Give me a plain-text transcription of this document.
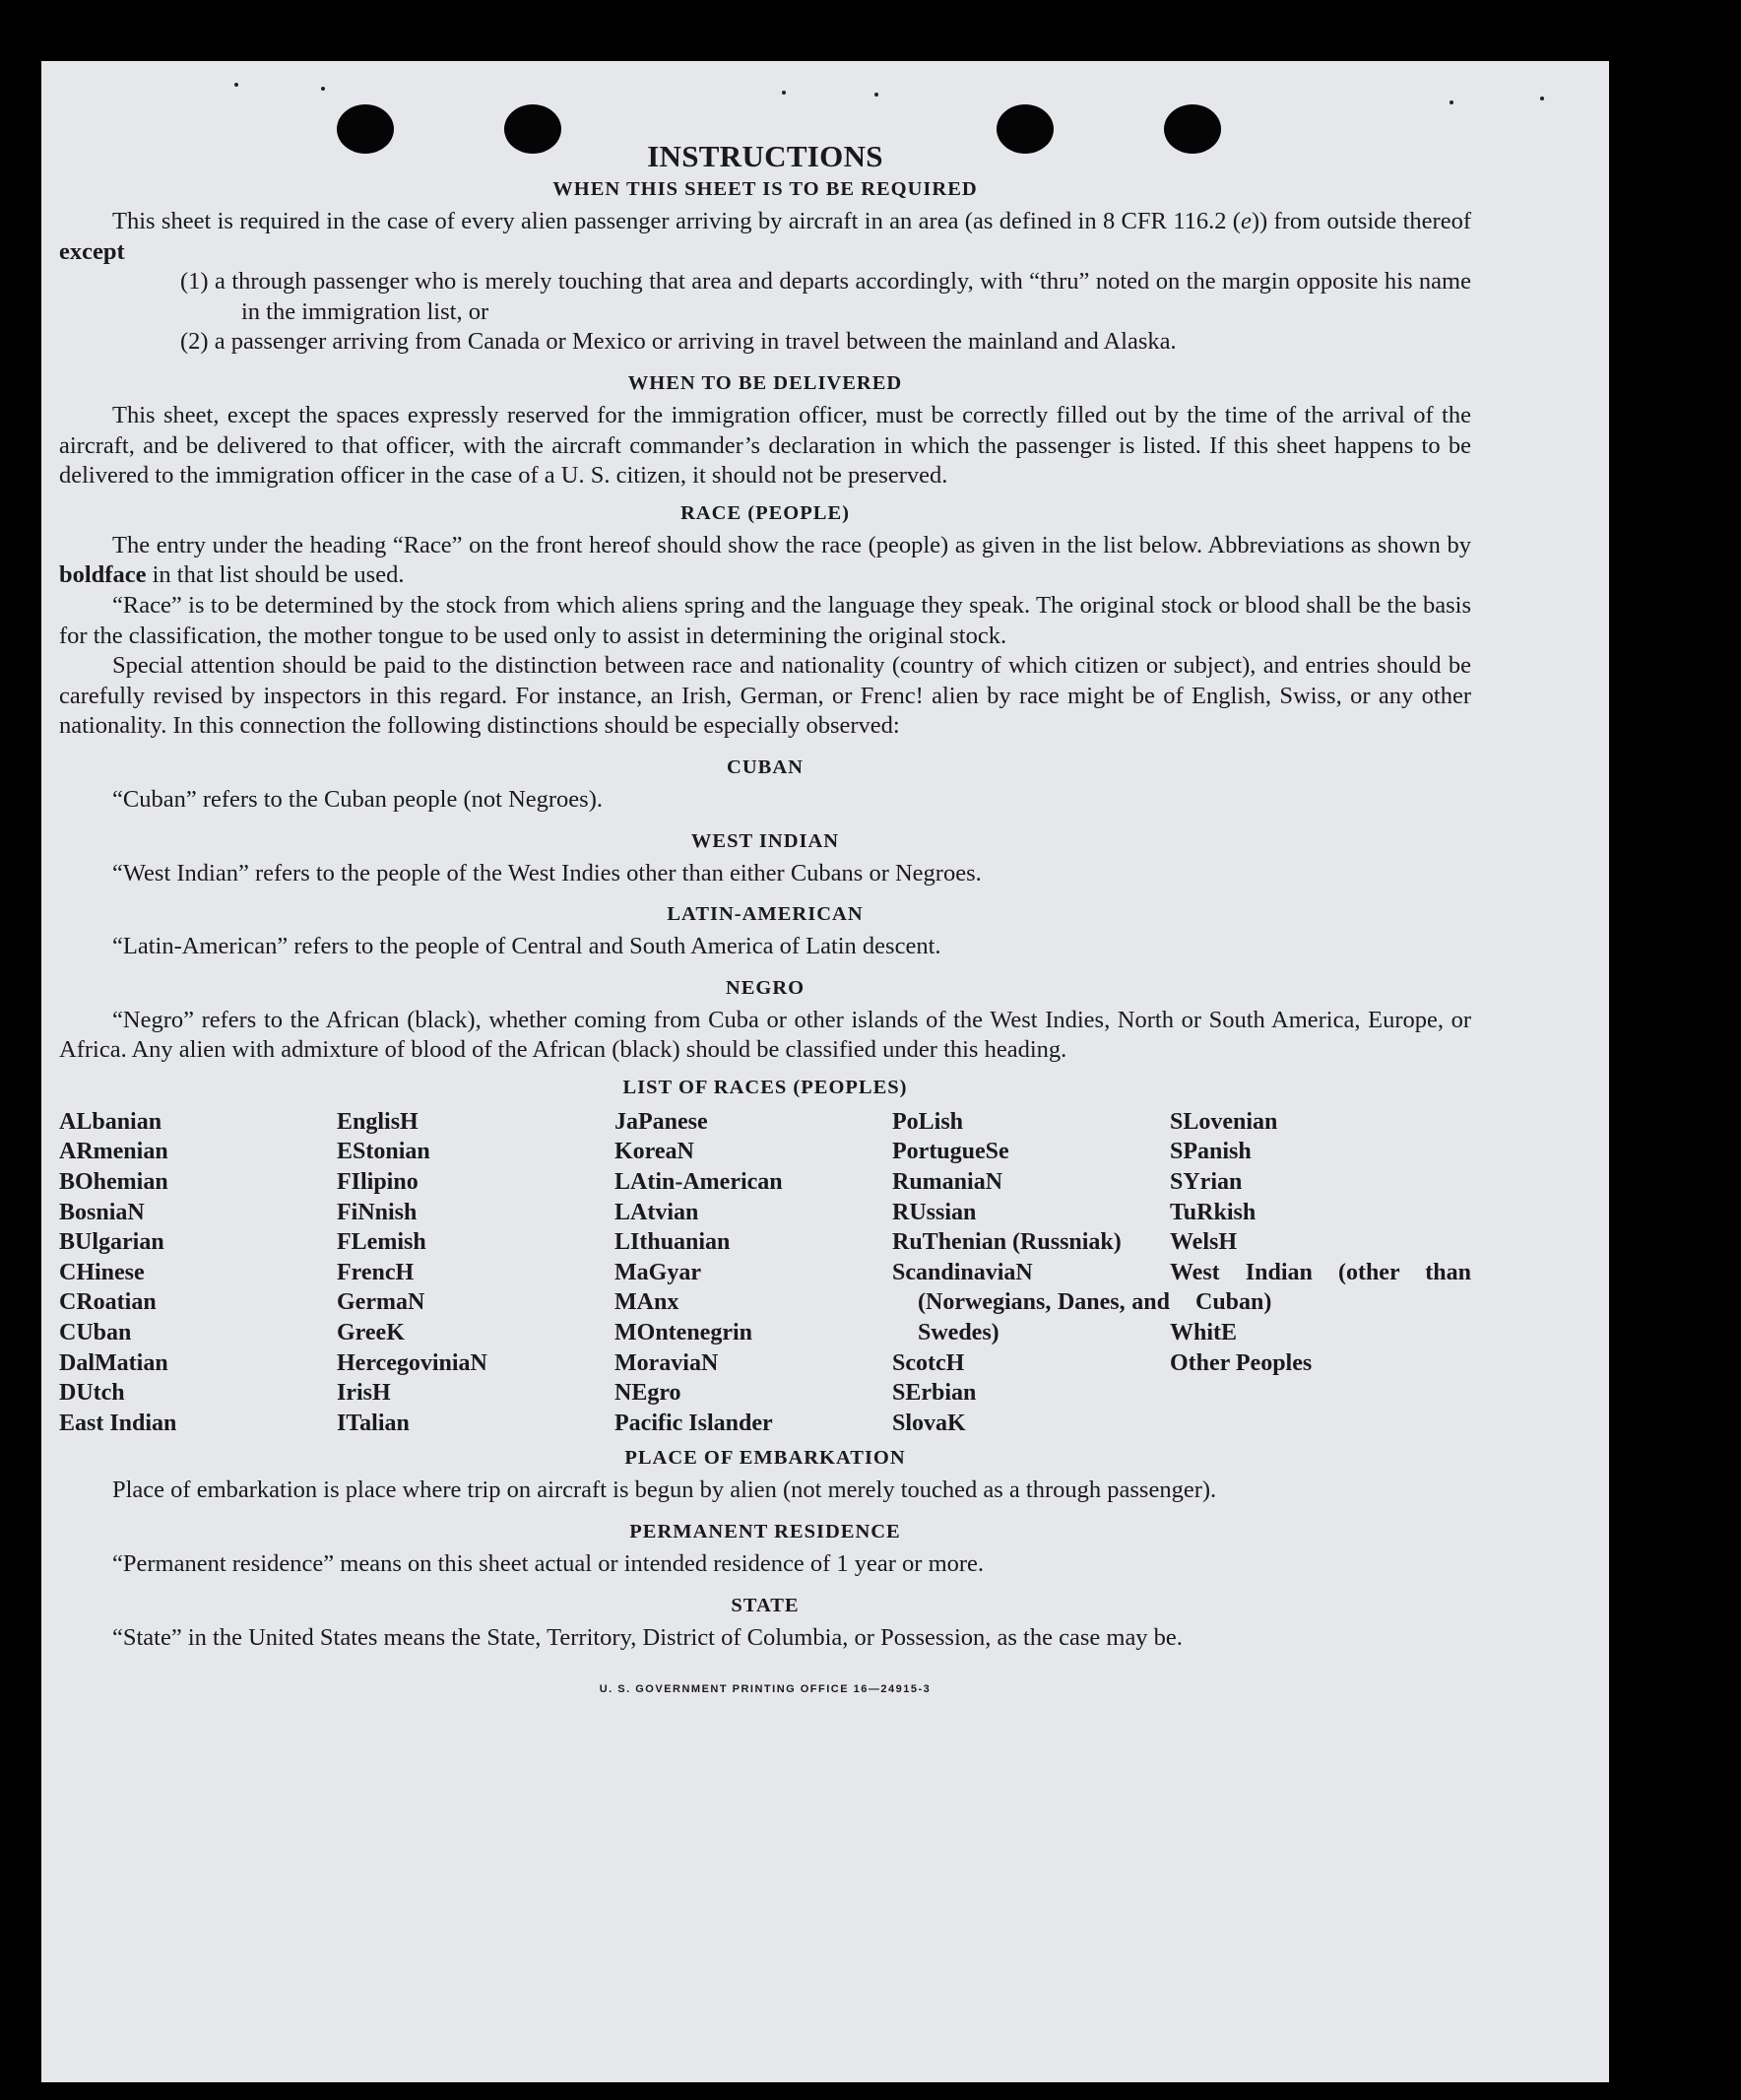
INSTRUCTIONS
WHEN THIS SHEET IS TO BE REQUIRED

This sheet is required in the case of every alien passenger arriving by aircraft in an area (as defined in 8 CFR 116.2 (e)) from outside thereof except

(1) a through passenger who is merely touching that area and departs accordingly, with “thru” noted on the margin opposite his name in the immigration list, or

(2) a passenger arriving from Canada or Mexico or arriving in travel between the mainland and Alaska.

WHEN TO BE DELIVERED

This sheet, except the spaces expressly reserved for the immigration officer, must be correctly filled out by the time of the arrival of the aircraft, and be delivered to that officer, with the aircraft commander’s declaration in which the passenger is listed. If this sheet happens to be delivered to the immigration officer in the case of a U. S. citizen, it should not be preserved.

RACE (PEOPLE)

The entry under the heading “Race” on the front hereof should show the race (people) as given in the list below. Abbreviations as shown by boldface in that list should be used.

“Race” is to be determined by the stock from which aliens spring and the language they speak. The original stock or blood shall be the basis for the classification, the mother tongue to be used only to assist in determining the original stock.

Special attention should be paid to the distinction between race and nationality (country of which citizen or subject), and entries should be carefully revised by inspectors in this regard. For instance, an Irish, German, or Frenc! alien by race might be of English, Swiss, or any other nationality. In this connection the following distinctions should be especially observed:

CUBAN

“Cuban” refers to the Cuban people (not Negroes).

WEST INDIAN

“West Indian” refers to the people of the West Indies other than either Cubans or Negroes.

LATIN-AMERICAN

“Latin-American” refers to the people of Central and South America of Latin descent.

NEGRO

“Negro” refers to the African (black), whether coming from Cuba or other islands of the West Indies, North or South America, Europe, or Africa. Any alien with admixture of blood of the African (black) should be classified under this heading.

LIST OF RACES (PEOPLES)
ALbanian
ARmenian
BOhemian
BosniaN
BUlgarian
CHinese
CRoatian
CUban
DalMatian
DUtch
East Indian
EnglisH
EStonian
FIlipino
FiNnish
FLemish
FrencH
GermaN
GreeK
HercegoviniaN
IrisH
ITalian
JaPanese
KoreaN
LAtin-American
LAtvian
LIthuanian
MaGyar
MAnx
MOntenegrin
MoraviaN
NEgro
Pacific Islander
PoLish
PortugueSe
RumaniaN
RUssian
RuThenian (Russniak)
ScandinaviaN (Norwegians, Danes, and Swedes)
ScotcH
SErbian
SlovaK
SLovenian
SPanish
SYrian
TuRkish
WelsH
West Indian (other than Cuban)
WhitE
Other Peoples
PLACE OF EMBARKATION

Place of embarkation is place where trip on aircraft is begun by alien (not merely touched as a through passenger).

PERMANENT RESIDENCE

“Permanent residence” means on this sheet actual or intended residence of 1 year or more.

STATE

“State” in the United States means the State, Territory, District of Columbia, or Possession, as the case may be.

U. S. GOVERNMENT PRINTING OFFICE 16—24915-3
